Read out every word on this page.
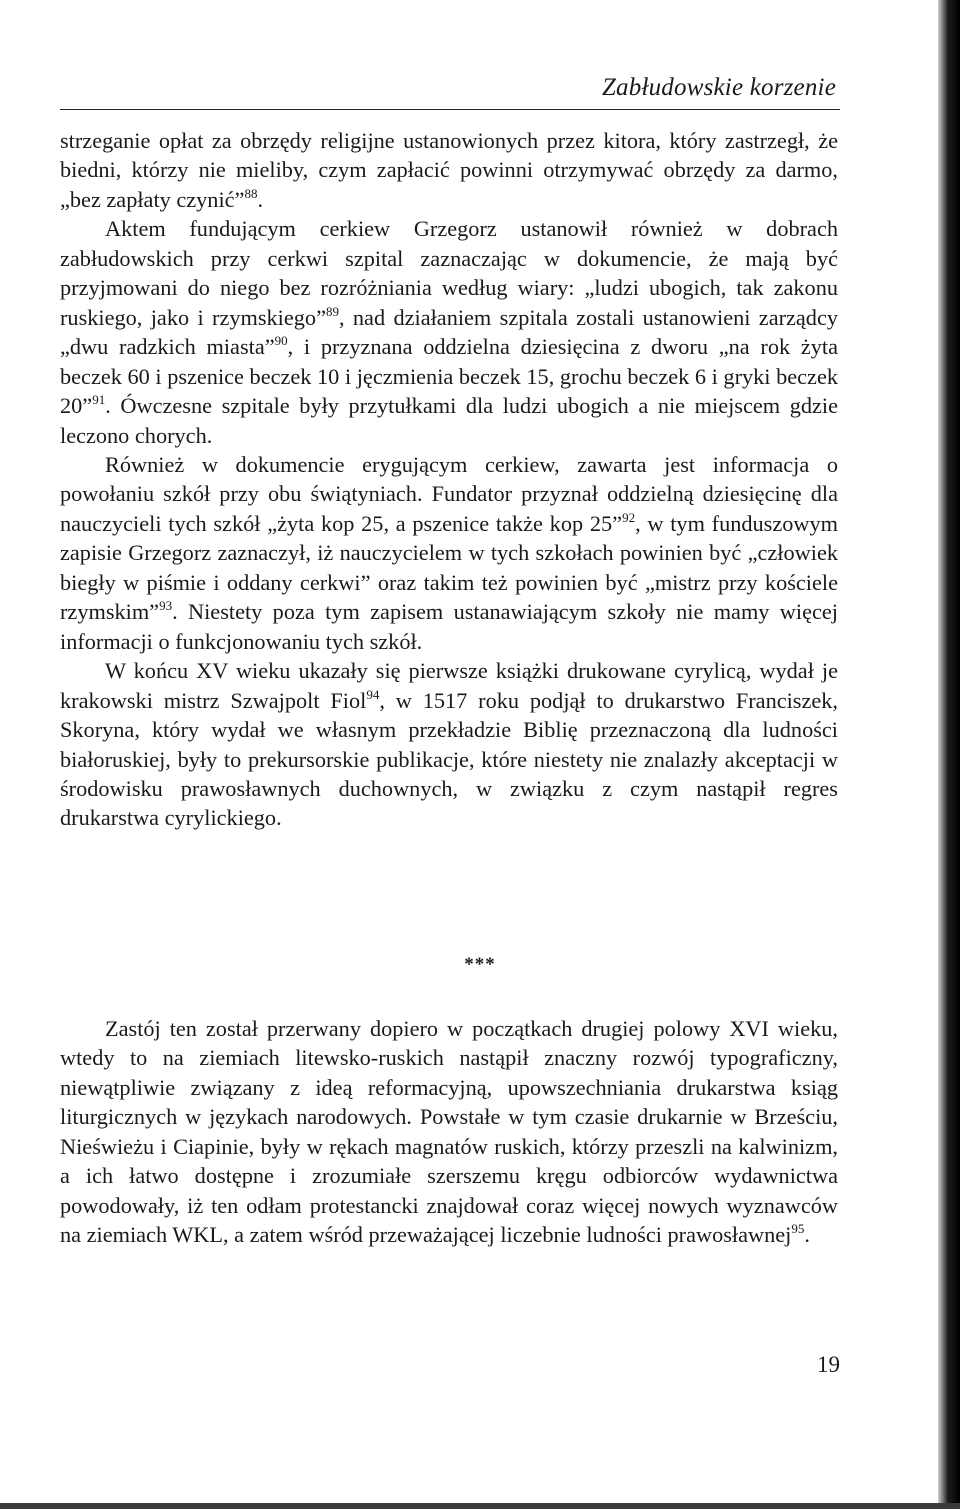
Zabłudowskie korzenie

strzeganie opłat za obrzędy religijne ustanowionych przez kitora, który zastrzegł, że biedni, którzy nie mieliby, czym zapłacić powinni otrzymywać obrzędy za darmo, „bez zapłaty czynić”$^{88}$.

Aktem fundującym cerkiew Grzegorz ustanowił również w dobrach zabłudowskich przy cerkwi szpital zaznaczając w dokumencie, że mają być przyjmowani do niego bez rozróżniania według wiary: „ludzi ubogich, tak zakonu ruskiego, jako i rzymskiego”$^{89}$, nad działaniem szpitala zostali ustanowieni zarządcy „dwu radzkich miasta”$^{90}$, i przyznana oddzielna dziesięcina z dworu „na rok żyta beczek 60 i pszenice beczek 10 i jęczmienia beczek 15, grochu beczek 6 i gryki beczek 20”$^{91}$. Ówczesne szpitale były przytułkami dla ludzi ubogich a nie miejscem gdzie leczono chorych.

Również w dokumencie erygującym cerkiew, zawarta jest informacja o powołaniu szkół przy obu świątyniach. Fundator przyznał oddzielną dziesięcinę dla nauczycieli tych szkół „żyta kop 25, a pszenice także kop 25”$^{92}$, w tym funduszowym zapisie Grzegorz zaznaczył, iż nauczycielem w tych szkołach powinien być „człowiek biegły w piśmie i oddany cerkwi” oraz takim też powinien być „mistrz przy kościele rzymskim”$^{93}$. Niestety poza tym zapisem ustanawiającym szkoły nie mamy więcej informacji o funkcjonowaniu tych szkół.

W końcu XV wieku ukazały się pierwsze książki drukowane cyrylicą, wydał je krakowski mistrz Szwajpolt Fiol$^{94}$, w 1517 roku podjął to drukarstwo Franciszek, Skoryna, który wydał we własnym przekładzie Biblię przeznaczoną dla ludności białoruskiej, były to prekursorskie publikacje, które niestety nie znalazły akceptacji w środowisku prawosławnych duchownych, w związku z czym nastąpił regres drukarstwa cyrylickiego.

***

Zastój ten został przerwany dopiero w początkach drugiej polowy XVI wieku, wtedy to na ziemiach litewsko-ruskich nastąpił znaczny rozwój typograficzny, niewątpliwie związany z ideą reformacyjną, upowszechniania drukarstwa ksiąg liturgicznych w językach narodowych. Powstałe w tym czasie drukarnie w Brześciu, Nieświeżu i Ciapinie, były w rękach magnatów ruskich, którzy przeszli na kalwinizm, a ich łatwo dostępne i zrozumiałe szerszemu kręgu odbiorców wydawnictwa powodowały, iż ten odłam protestancki znajdował coraz więcej nowych wyznawców na ziemiach WKL, a zatem wśród przeważającej liczebnie ludności prawosławnej$^{95}$.

19
